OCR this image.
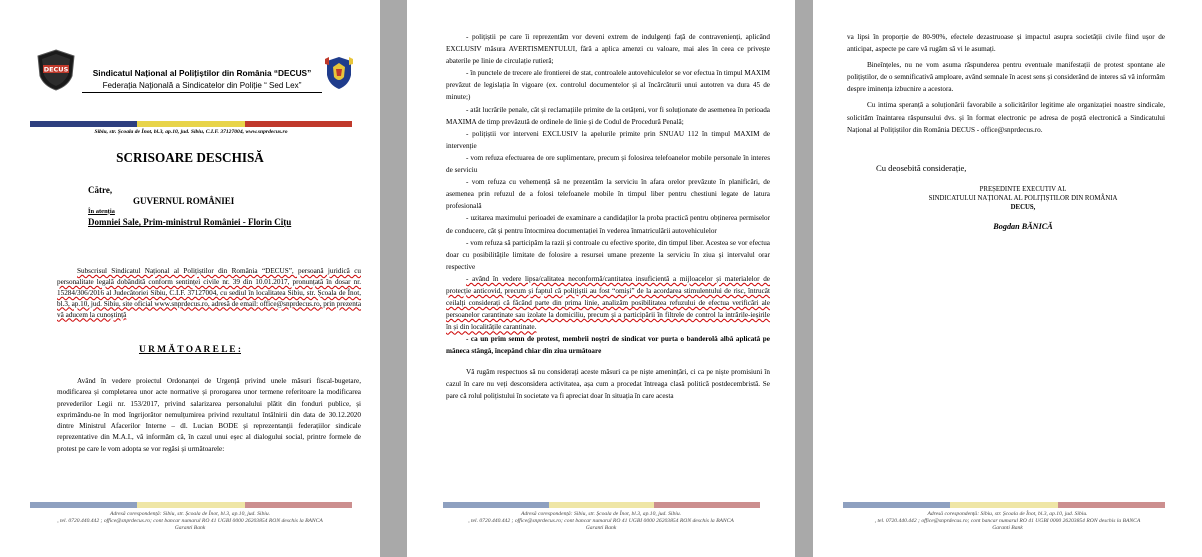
DECUS	Sindicatul Național al Polițiștilor din România “DECUS”
Federația Națională a Sindicatelor din Poliție “ Sed Lex”
Sibiu, str. Școala de Înot, bl.3, ap.10, jud. Sibiu, C.I.F. 37127004, www.snprdecus.ro
SCRISOARE DESCHISĂ
Către,
GUVERNUL ROMÂNIEI
În atenția
Domniei Sale, Prim-ministrul României - Florin Cîțu
Subscrisul Sindicatul Național al Polițiștilor din România “DECUS”, persoană juridică cu personalitate legală dobândită conform sentinței civile nr. 39 din 10.01.2017, pronunțată în dosar nr. 15284/306/2016 al Judecătoriei Sibiu, C.I.F. 37127004, cu sediul în localitatea Sibiu, str. Școala de Înot, bl.3, ap.10, jud. Sibiu, site oficial www.snprdecus.ro, adresă de email: office@snprdecus.ro, prin prezenta vă aducem la cunoștință
U R M Ă T O A R E L E :
Având în vedere proiectul Ordonanței de Urgență privind unele măsuri fiscal-bugetare, modificarea și completarea unor acte normative și prorogarea unor termene referitoare la modificarea prevederilor Legii nr. 153/2017, privind salarizarea personalului plătit din fonduri publice, și exprimându-ne în mod îngrijorător nemulțumirea privind rezultatul întâlnirii din data de 30.12.2020 dintre Ministrul Afacerilor Interne – dl. Lucian BODE și reprezentanții federațiilor sindicale reprezentative din M.A.I., vă informăm că, în cazul unui eșec al dialogului social, printre formele de protest pe care le vom adopta se vor regăsi și următoarele:
Adresă corespondență: Sibiu, str. Școala de Înot, bl.3, ap.10, jud. Sibiu.
, tel. 0720.440.442 ; office@snprdecus.ro; cont bancar numarul RO 41 UGBI 0000 26203854 RON deschis la BANCA
Garanti Bank

- polițiștii pe care îi reprezentăm vor deveni extrem de indulgenți față de contravenienți, aplicând EXCLUSIV măsura AVERTISMENTULUI, fără a aplica amenzi cu valoare, mai ales în ceea ce privește abaterile pe linie de circulație rutieră;

- în punctele de trecere ale frontierei de stat, controalele autovehiculelor se vor efectua în timpul MAXIM prevăzut de legislația în vigoare (ex. controlul documentelor și al încărcăturii unui autotren va dura 45 de minute;)

- atât lucrările penale, cât și reclamațiile primite de la cetățeni, vor fi soluționate de asemenea în perioada MAXIMA de timp prevăzută de ordinele de linie și de Codul de Procedură Penală;

- polițiștii vor interveni EXCLUSIV la apelurile primite prin SNUAU 112 în timpul MAXIM de intervenție

- vom refuza efectuarea de ore suplimentare, precum și folosirea telefoanelor mobile personale în interes de serviciu

- vom refuza cu vehemență să ne prezentăm la serviciu în afara orelor prevăzute în planificări, de asemenea prin refuzul de a folosi telefoanele mobile în timpul liber pentru chestiuni legate de latura profesională

- uzitarea maximului perioadei de examinare a candidaților la proba practică pentru obținerea permiselor de conducere, cât și pentru întocmirea documentației în vederea înmatriculării autovehiculelor

- vom refuza să participăm la razii și controale cu efective sporite, din timpul liber. Acestea se vor efectua doar cu posibilitățile limitate de folosire a resursei umane prezente la serviciu în ziua și intervalul orar respective

- având în vedere lipsa/calitatea neconformă/cantitatea insuficientă a mijloacelor și materialelor de protecție anticovid, precum și faptul că polițiștii au fost “omiși” de la acordarea stimulentului de risc, întrucât ceilalți considerați că făcând parte din prima linie, analizăm posibilitatea refuzului de efectua verificări ale persoanelor carantinate sau izolate la domiciliu, precum și a participării în filtrele de control la intrările-ieșirile în și din localitățile carantinate.

- ca un prim semn de protest, membrii noștri de sindicat vor purta o banderolă albă aplicată pe mâneca stângă, începând chiar din ziua următoare

Vă rugăm respectuos să nu considerați aceste măsuri ca pe niște amenințări, ci ca pe niște promisiuni în cazul în care nu veți desconsidera activitatea, așa cum a procedat întreaga clasă politică postdecembristă. Se pare că rolul polițistului în societate va fi apreciat doar în situația în care acesta

Adresă corespondență: Sibiu, str. Școala de Înot, bl.3, ap.10, jud. Sibiu.
, tel. 0720.440.442 ; office@snprdecus.ro; cont bancar numarul RO 41 UGBI 0000 26203854 RON deschis la BANCA
Garanti Bank

va lipsi în proporție de 80-90%, efectele dezastruoase și impactul asupra societății civile fiind ușor de anticipat, aspecte pe care vă rugăm să vi le asumați.

Bineînțeles, nu ne vom asuma răspunderea pentru eventuale manifestații de protest spontane ale polițiștilor, de o semnificativă amploare, având semnale în acest sens și considerând de interes să vă informăm despre iminența izbucnire a acestora.

Cu intima speranță a soluționării favorabile a solicitărilor legitime ale organizației noastre sindicale, solicităm înaintarea răspunsului dvs. și în format electronic pe adresa de poștă electronică a Sindicatului Național al Polițiștilor din România DECUS - office@snprdecus.ro.

Cu deosebită considerație,
PREȘEDINTE EXECUTIV AL
SINDICATULUI NAȚIONAL AL POLIȚIȘTILOR DIN ROMÂNIA
DECUS,
Bogdan BĂNICĂ
Adresă corespondență: Sibiu, str. Școala de Înot, bl.3, ap.10, jud. Sibiu.
, tel. 0720.440.442 ; office@snprdecus.ro; cont bancar numarul RO 41 UGBI 0000 26203854 RON deschis la BANCA
Garanti Bank
